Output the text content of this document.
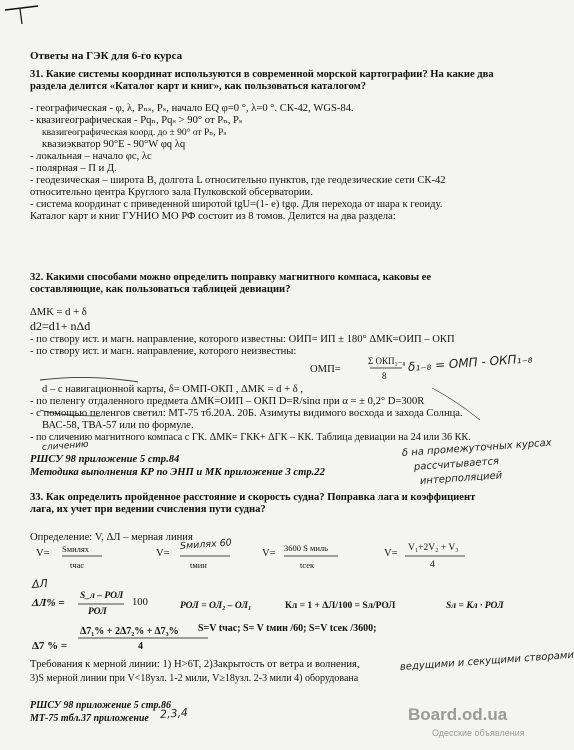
Ответы на ГЭК для 6-го курса
31. Какие системы координат используются в современной морской картографии? На какие два
раздела делится «Каталог карт и книг», как пользоваться каталогом?
- географическая - φ, λ, Pₙₛ, Pₛ, начало EQ φ=0 °, λ=0 °. СК-42, WGS-84.
- квазигеографическая - Pqₙ, Pqₛ > 90° от Pₙ, Pₛ
квазигеографическая коорд. до ± 90° от Pₙ, Pₛ
квазиэкватор 90°E - 90°W φq λq
- локальная – начало φc, λc
- полярная – П и Д.
- геодезическая – широта B, долгота L относительно пунктов, где геодезические сети СК-42
относительно центра Круглого зала Пулковской обсерватории.
- система координат с приведенной широтой tgU=(1- е) tgφ. Для перехода от шара к геоиду.
Каталог карт и книг ГУНИО МО РФ состоит из 8 томов. Делится на два раздела:
32. Какими способами можно определить поправку магнитного компаса, каковы ее
составляющие, как пользоваться таблицей девиации?
ΔMK = d + δ
d2=d1+ nΔd
- по створу ист. и магн. направление, которого известны: ОИП= ИП ± 180° ΔМК=ОИП – ОКП
- по створу ист. и магн. направление, которого неизвестны:
ОМП=
Σ ОКП₁₋₈
8
δ₁₋₈ = ОМП - ОКП₁₋₈
d – с навигационной карты, δ= ОМП-ОКП , ΔMK = d + δ ,
- по пеленгу отдаленного предмета ΔМК=ОИП – ОКП D=R/sinα при α = ± 0,2° D=300R
- с помощью пеленгов светил: МТ-75 тб.20А. 20Б. Азимуты видимого восхода и захода Солнца.
ВАС-58, ТВА-57 или по формуле.
- по сличению магнитного компаса с ГК. ΔМК= ГКК+ ΔГК – КК. Таблица девиации на 24 или 36 КК.
сличению	δ на промежуточных курсах
рассчитывается
интерполяцией
РШСУ 98 приложение 5 стр.84
Методика выполнения КР по ЭНП и МК приложение 3 стр.22
33. Как определить пройденное расстояние и скорость судна? Поправка лага и коэффициент
лага, их учет при ведении счисления пути судна?
Определение: V, ΔЛ – мерная линия
V= Sмилях
tчас
V=
Sмилях 60
tмин
V= 3600 S миль
tсек
V= V₁+2V₂ + V₃
4
ΔЛ
ΔЛ% =
S_л – РОЛ
РОЛ
100	РОЛ = ОЛ₂ – ОЛ₁	Кл = 1 + ΔЛ/100 = Sл/РОЛ	Sл = Кл · РОЛ
S=V tчас; S= V tмин /60; S=V tсек /3600;
Δ7 % =
Δ7₁% + 2Δ7₂% + Δ7₃%
4
Требования к мерной линии: 1) H>6T, 2)Закрытость от ветра и волнения,
3)S мерной линии при V<18узл. 1-2 мили, V≥18узл. 2-3 мили 4) оборудована
ведущими и секущими створами
РШСУ 98 приложение 5 стр.86
МТ-75 тбл.37 приложение 2,3,4	Board.od.ua
Одесские объявления
